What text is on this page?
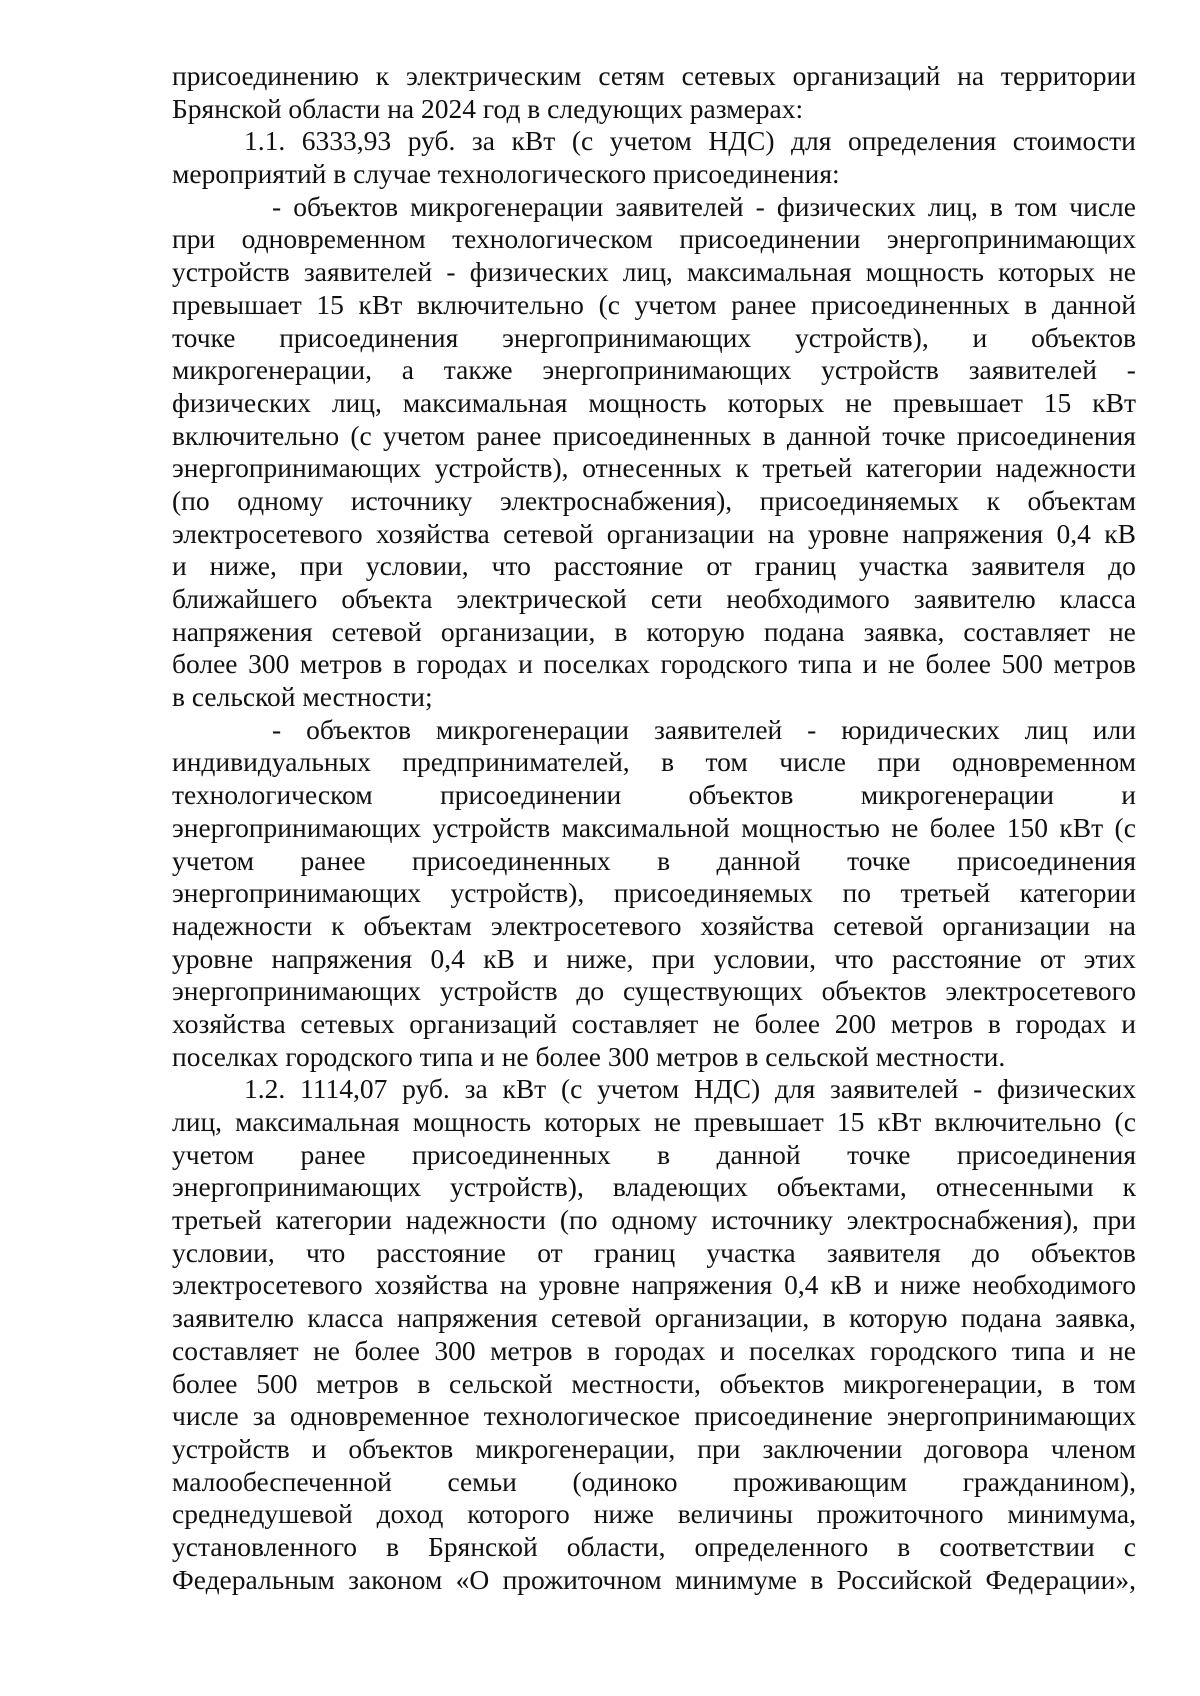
присоединению к электрическим сетям сетевых организаций на территории
Брянской области на 2024 год в следующих размерах:
1.1. 6333,93 руб. за кВт (с учетом НДС) для определения стоимости
мероприятий в случае технологического присоединения:
- объектов микрогенерации заявителей - физических лиц, в том числе
при одновременном технологическом присоединении энергопринимающих
устройств заявителей - физических лиц, максимальная мощность которых не
превышает 15 кВт включительно (с учетом ранее присоединенных в данной
точке присоединения энергопринимающих устройств), и объектов
микрогенерации, а также энергопринимающих устройств заявителей -
физических лиц, максимальная мощность которых не превышает 15 кВт
включительно (с учетом ранее присоединенных в данной точке присоединения
энергопринимающих устройств), отнесенных к третьей категории надежности
(по одному источнику электроснабжения), присоединяемых к объектам
электросетевого хозяйства сетевой организации на уровне напряжения 0,4 кВ
и ниже, при условии, что расстояние от границ участка заявителя до
ближайшего объекта электрической сети необходимого заявителю класса
напряжения сетевой организации, в которую подана заявка, составляет не
более 300 метров в городах и поселках городского типа и не более 500 метров
в сельской местности;
- объектов микрогенерации заявителей - юридических лиц или
индивидуальных предпринимателей, в том числе при одновременном
технологическом присоединении объектов микрогенерации и
энергопринимающих устройств максимальной мощностью не более 150 кВт (с
учетом ранее присоединенных в данной точке присоединения
энергопринимающих устройств), присоединяемых по третьей категории
надежности к объектам электросетевого хозяйства сетевой организации на
уровне напряжения 0,4 кВ и ниже, при условии, что расстояние от этих
энергопринимающих устройств до существующих объектов электросетевого
хозяйства сетевых организаций составляет не более 200 метров в городах и
поселках городского типа и не более 300 метров в сельской местности.
1.2. 1114,07 руб. за кВт (с учетом НДС) для заявителей - физических
лиц, максимальная мощность которых не превышает 15 кВт включительно (с
учетом ранее присоединенных в данной точке присоединения
энергопринимающих устройств), владеющих объектами, отнесенными к
третьей категории надежности (по одному источнику электроснабжения), при
условии, что расстояние от границ участка заявителя до объектов
электросетевого хозяйства на уровне напряжения 0,4 кВ и ниже необходимого
заявителю класса напряжения сетевой организации, в которую подана заявка,
составляет не более 300 метров в городах и поселках городского типа и не
более 500 метров в сельской местности, объектов микрогенерации, в том
числе за одновременное технологическое присоединение энергопринимающих
устройств и объектов микрогенерации, при заключении договора членом
малообеспеченной семьи (одиноко проживающим гражданином),
среднедушевой доход которого ниже величины прожиточного минимума,
установленного в Брянской области, определенного в соответствии с
Федеральным законом «О прожиточном минимуме в Российской Федерации»,
